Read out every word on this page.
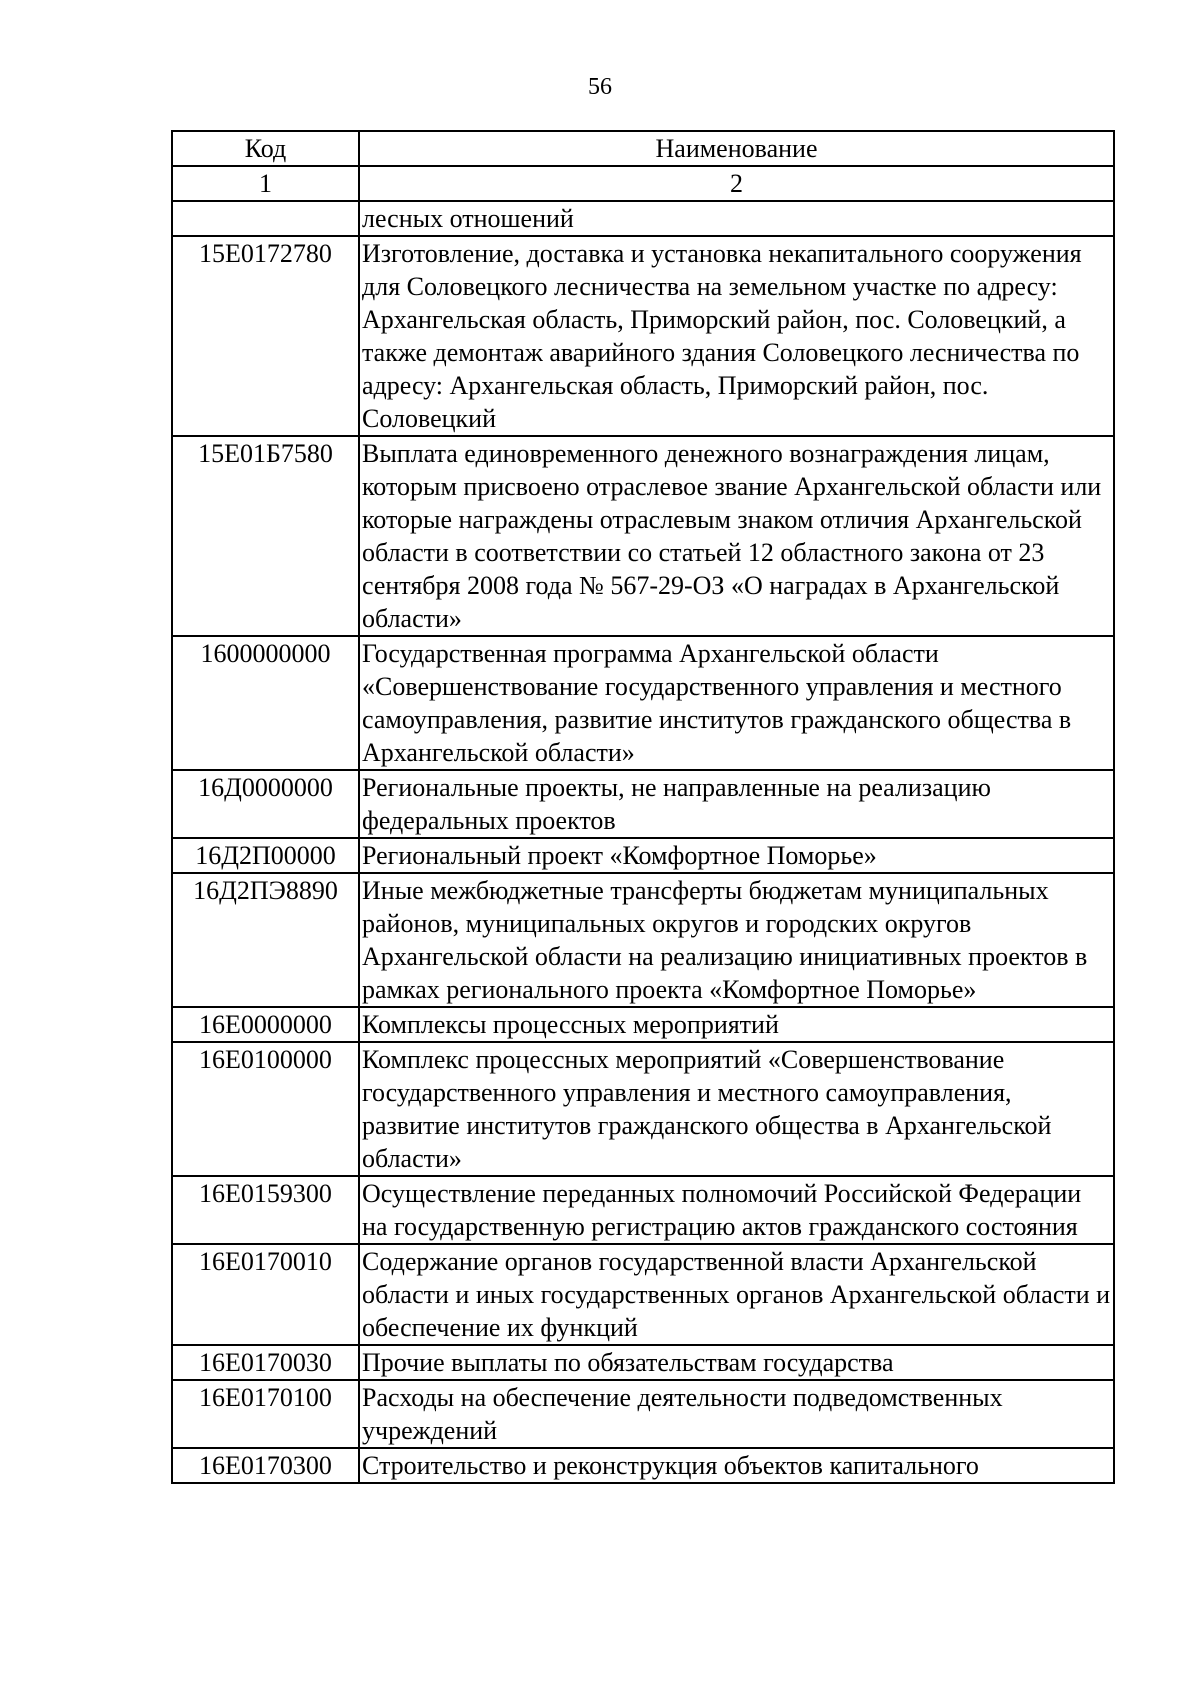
56
Код	Наименование
1	2
	лесных отношений
15Е0172780	Изготовление, доставка и установка некапитального сооружения для Соловецкого лесничества на земельном участке по адресу: Архангельская область, Приморский район, пос. Соловецкий, а также демонтаж аварийного здания Соловецкого лесничества по адресу: Архангельская область, Приморский район, пос. Соловецкий
15Е01Б7580	Выплата единовременного денежного вознаграждения лицам, которым присвоено отраслевое звание Архангельской области или которые награждены отраслевым знаком отличия Архангельской области в соответствии со статьей 12 областного закона от 23 сентября 2008 года № 567-29-ОЗ «О наградах в Архангельской области»
1600000000	Государственная программа Архангельской области «Совершенствование государственного управления и местного самоуправления, развитие институтов гражданского общества в Архангельской области»
16Д0000000	Региональные проекты, не направленные на реализацию федеральных проектов
16Д2П00000	Региональный проект «Комфортное Поморье»
16Д2ПЭ8890	Иные межбюджетные трансферты бюджетам муниципальных районов, муниципальных округов и городских округов Архангельской области на реализацию инициативных проектов в рамках регионального проекта «Комфортное Поморье»
16Е0000000	Комплексы процессных мероприятий
16Е0100000	Комплекс процессных мероприятий «Совершенствование государственного управления и местного самоуправления, развитие институтов гражданского общества в Архангельской области»
16Е0159300	Осуществление переданных полномочий Российской Федерации на государственную регистрацию актов гражданского состояния
16Е0170010	Содержание органов государственной власти Архангельской области и иных государственных органов Архангельской области и обеспечение их функций
16Е0170030	Прочие выплаты по обязательствам государства
16Е0170100	Расходы на обеспечение деятельности подведомственных учреждений
16Е0170300	Строительство и реконструкция объектов капитального
